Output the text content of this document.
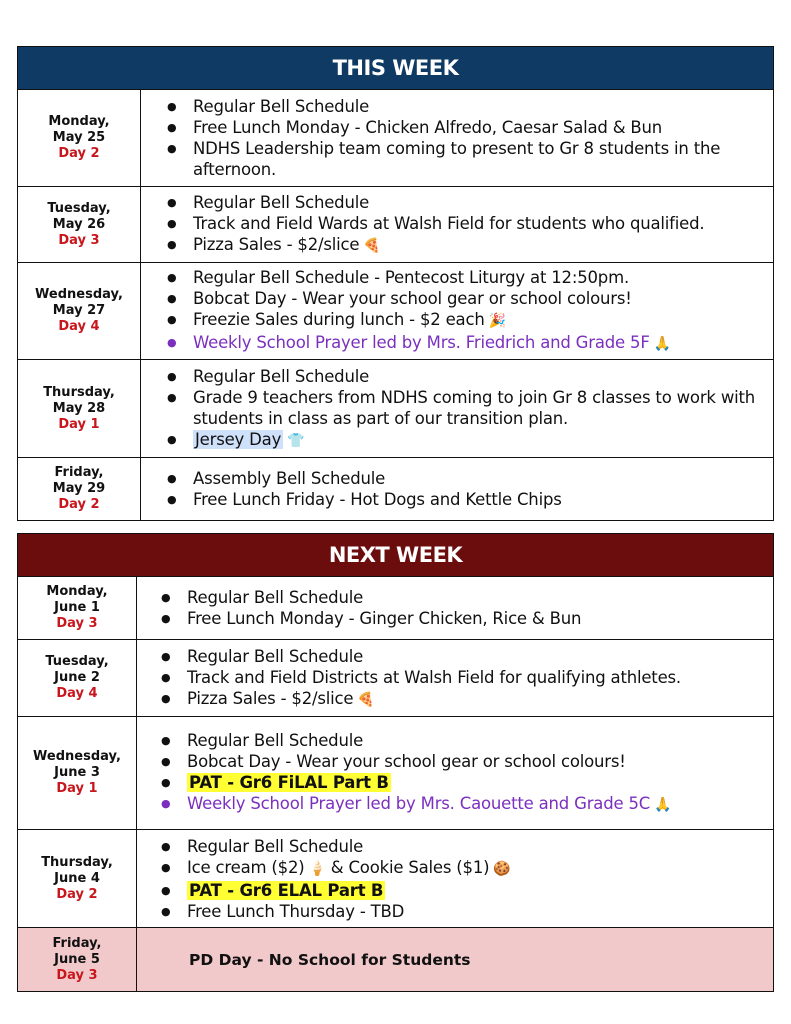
THIS WEEK
Monday,
May 25
Day 2
● Regular Bell Schedule
● Free Lunch Monday - Chicken Alfredo, Caesar Salad & Bun
● NDHS Leadership team coming to present to Gr 8 students in the afternoon.
Tuesday,
May 26
Day 3
● Regular Bell Schedule
● Track and Field Wards at Walsh Field for students who qualified.
● Pizza Sales - $2/slice 🍕
Wednesday,
May 27
Day 4
● Regular Bell Schedule - Pentecost Liturgy at 12:50pm.
● Bobcat Day - Wear your school gear or school colours!
● Freezie Sales during lunch - $2 each 🎉
● Weekly School Prayer led by Mrs. Friedrich and Grade 5F 🙏
Thursday,
May 28
Day 1
● Regular Bell Schedule
● Grade 9 teachers from NDHS coming to join Gr 8 classes to work with students in class as part of our transition plan.
● Jersey Day 👕
Friday,
May 29
Day 2
● Assembly Bell Schedule
● Free Lunch Friday - Hot Dogs and Kettle Chips
NEXT WEEK
Monday,
June 1
Day 3
● Regular Bell Schedule
● Free Lunch Monday - Ginger Chicken, Rice & Bun
Tuesday,
June 2
Day 4
● Regular Bell Schedule
● Track and Field Districts at Walsh Field for qualifying athletes.
● Pizza Sales - $2/slice 🍕
Wednesday,
June 3
Day 1
● Regular Bell Schedule
● Bobcat Day - Wear your school gear or school colours!
● PAT - Gr6 FiLAL Part B
● Weekly School Prayer led by Mrs. Caouette and Grade 5C 🙏
Thursday,
June 4
Day 2
● Regular Bell Schedule
● Ice cream ($2) 🍦 & Cookie Sales ($1) 🍪
● PAT - Gr6 ELAL Part B
● Free Lunch Thursday - TBD
Friday,
June 5
Day 3
PD Day - No School for Students
